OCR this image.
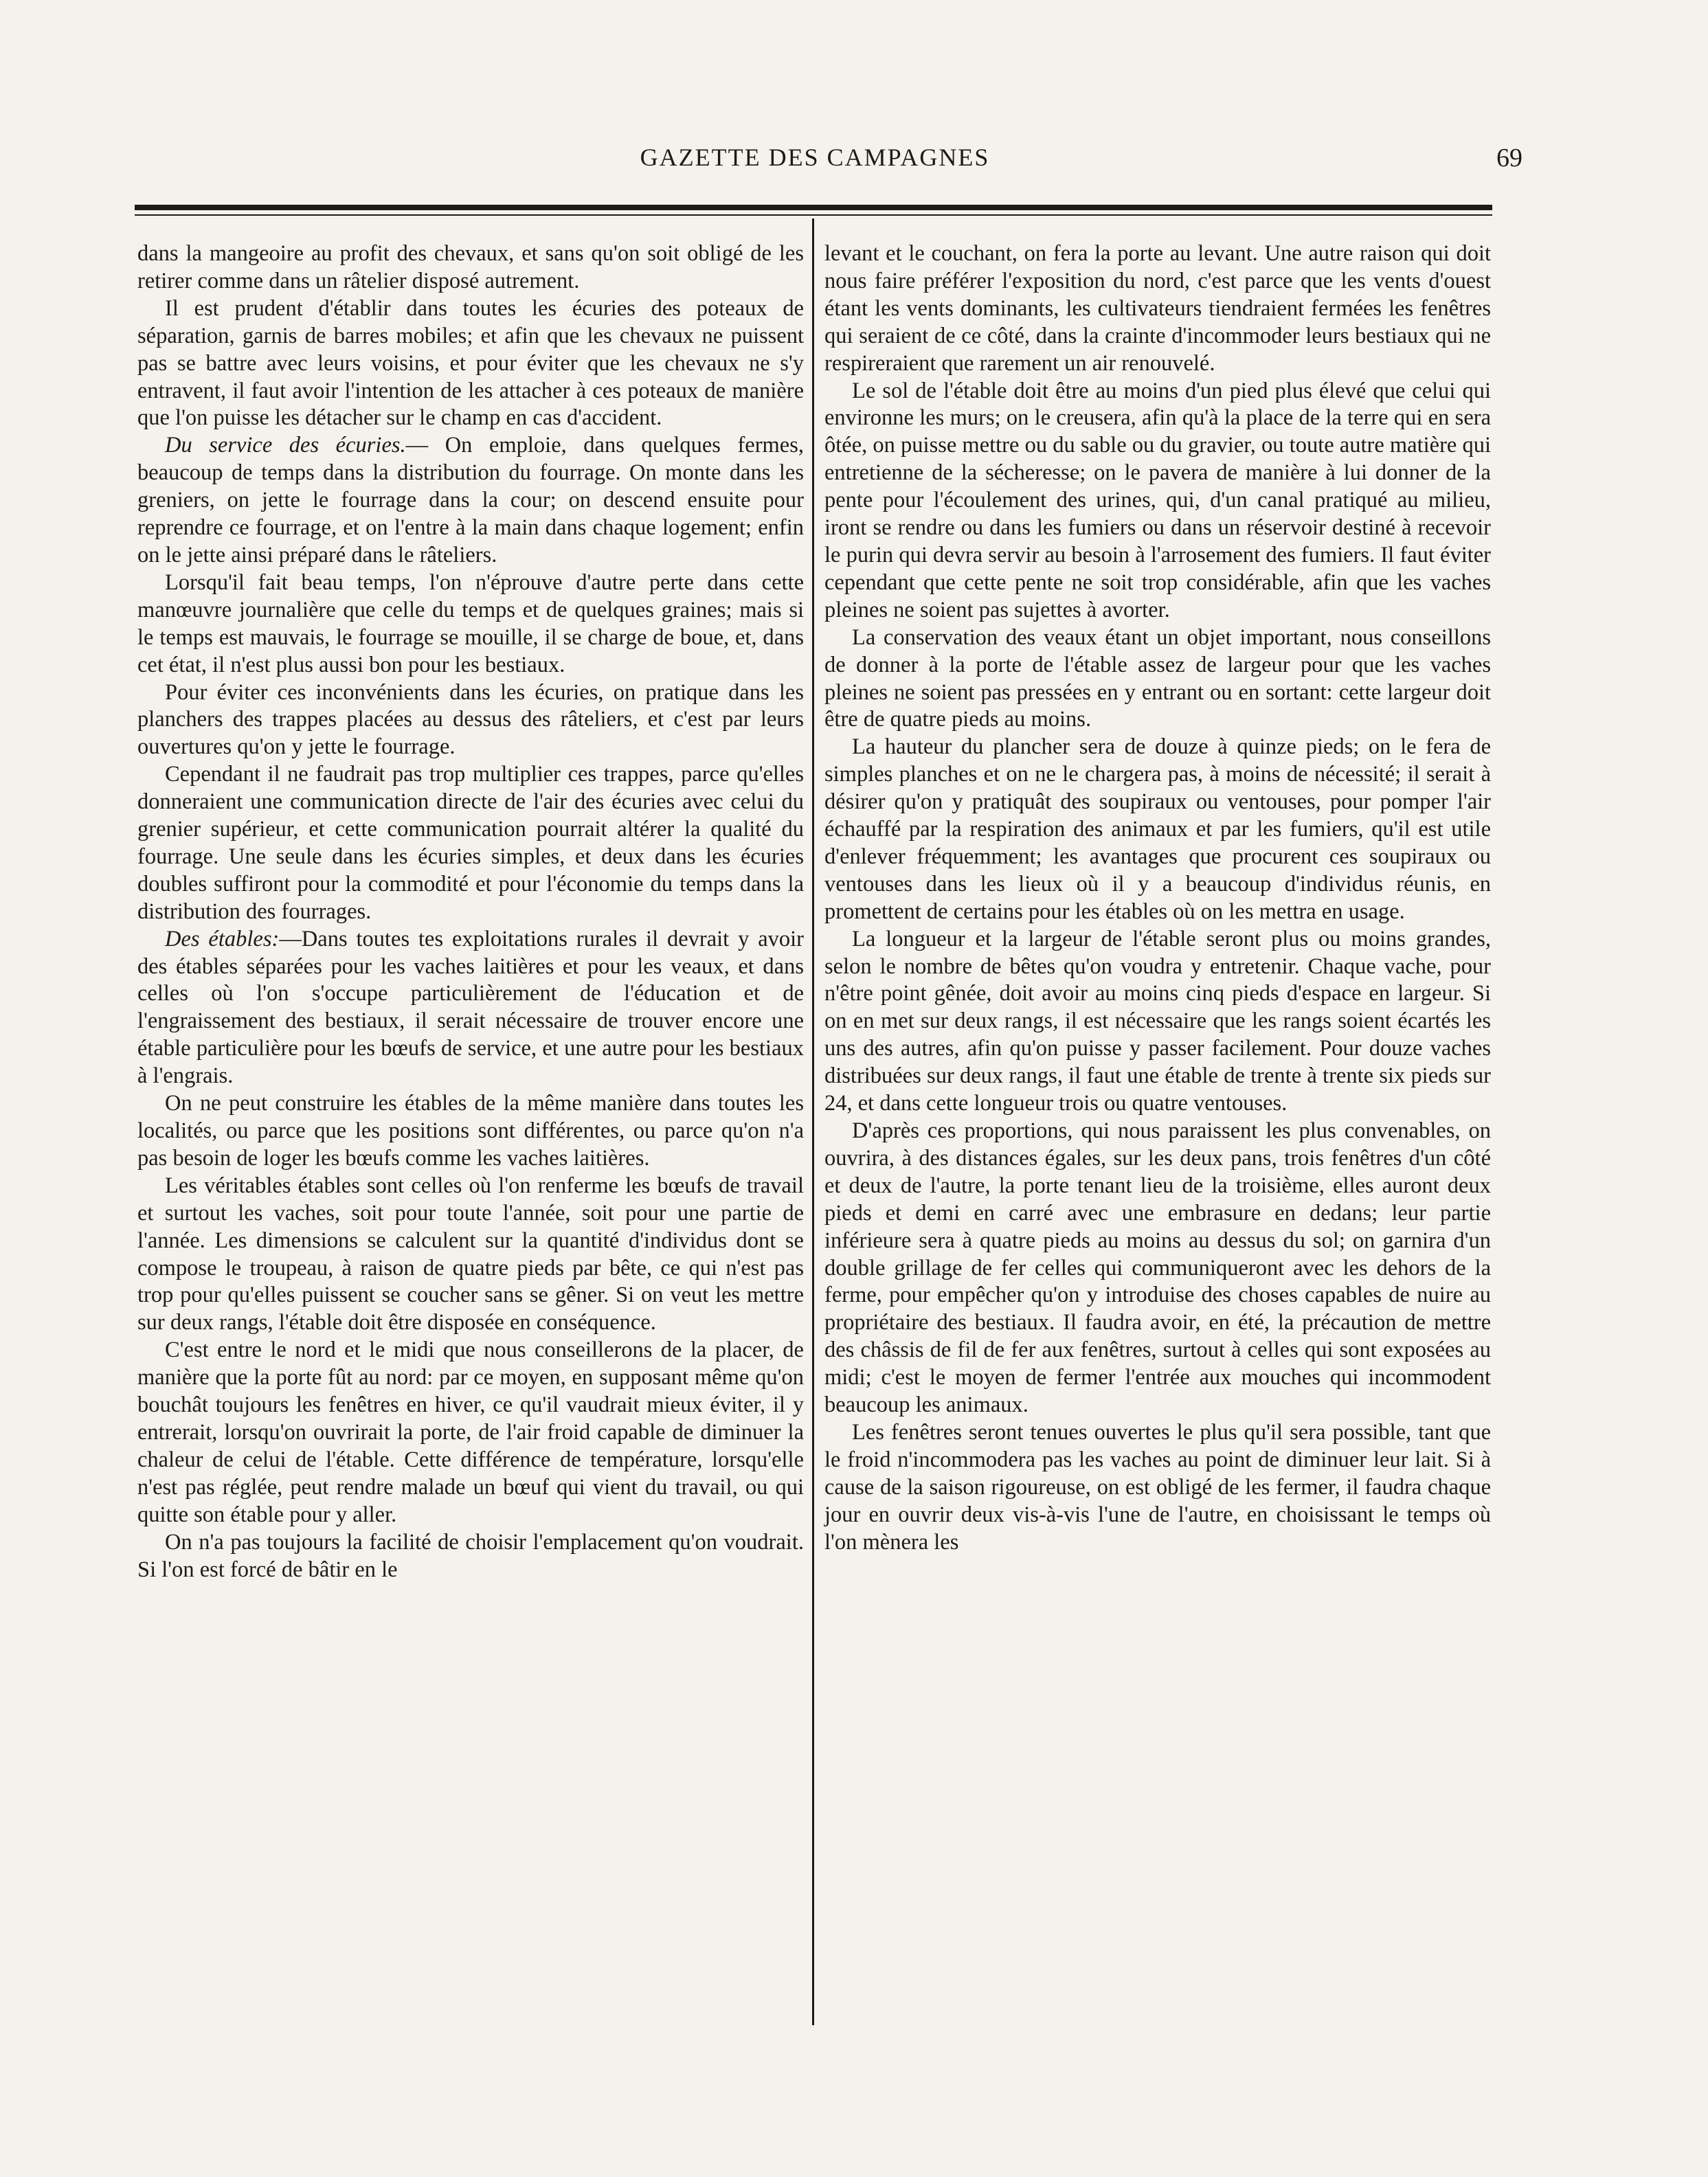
GAZETTE DES CAMPAGNES	69

dans la mangeoire au profit des chevaux, et sans qu'on soit obligé de les retirer comme dans un râtelier disposé autrement.

Il est prudent d'établir dans toutes les écuries des poteaux de séparation, garnis de barres mobiles; et afin que les chevaux ne puissent pas se battre avec leurs voisins, et pour éviter que les chevaux ne s'y entravent, il faut avoir l'intention de les attacher à ces poteaux de manière que l'on puisse les détacher sur le champ en cas d'accident.

Du service des écuries.— On emploie, dans quelques fermes, beaucoup de temps dans la distribution du fourrage. On monte dans les greniers, on jette le fourrage dans la cour; on descend ensuite pour reprendre ce fourrage, et on l'entre à la main dans chaque logement; enfin on le jette ainsi préparé dans le râteliers.

Lorsqu'il fait beau temps, l'on n'éprouve d'autre perte dans cette manœuvre journalière que celle du temps et de quelques graines; mais si le temps est mauvais, le fourrage se mouille, il se charge de boue, et, dans cet état, il n'est plus aussi bon pour les bestiaux.

Pour éviter ces inconvénients dans les écuries, on pratique dans les planchers des trappes placées au dessus des râteliers, et c'est par leurs ouvertures qu'on y jette le fourrage.

Cependant il ne faudrait pas trop multiplier ces trappes, parce qu'elles donneraient une communication directe de l'air des écuries avec celui du grenier supérieur, et cette communication pourrait altérer la qualité du fourrage. Une seule dans les écuries simples, et deux dans les écuries doubles suffiront pour la commodité et pour l'économie du temps dans la distribution des fourrages.

Des étables:—Dans toutes tes exploitations rurales il devrait y avoir des étables séparées pour les vaches laitières et pour les veaux, et dans celles où l'on s'occupe particulièrement de l'éducation et de l'engraissement des bestiaux, il serait nécessaire de trouver encore une étable particulière pour les bœufs de service, et une autre pour les bestiaux à l'engrais.

On ne peut construire les étables de la même manière dans toutes les localités, ou parce que les positions sont différentes, ou parce qu'on n'a pas besoin de loger les bœufs comme les vaches laitières.

Les véritables étables sont celles où l'on renferme les bœufs de travail et surtout les vaches, soit pour toute l'année, soit pour une partie de l'année. Les dimensions se calculent sur la quantité d'individus dont se compose le troupeau, à raison de quatre pieds par bête, ce qui n'est pas trop pour qu'elles puissent se coucher sans se gêner. Si on veut les mettre sur deux rangs, l'étable doit être disposée en conséquence.

C'est entre le nord et le midi que nous conseillerons de la placer, de manière que la porte fût au nord: par ce moyen, en supposant même qu'on bouchât toujours les fenêtres en hiver, ce qu'il vaudrait mieux éviter, il y entrerait, lorsqu'on ouvrirait la porte, de l'air froid capable de diminuer la chaleur de celui de l'étable. Cette différence de température, lorsqu'elle n'est pas réglée, peut rendre malade un bœuf qui vient du travail, ou qui quitte son étable pour y aller.

On n'a pas toujours la facilité de choisir l'emplacement qu'on voudrait. Si l'on est forcé de bâtir en le

levant et le couchant, on fera la porte au levant. Une autre raison qui doit nous faire préférer l'exposition du nord, c'est parce que les vents d'ouest étant les vents dominants, les cultivateurs tiendraient fermées les fenêtres qui seraient de ce côté, dans la crainte d'incommoder leurs bestiaux qui ne respireraient que rarement un air renouvelé.

Le sol de l'étable doit être au moins d'un pied plus élevé que celui qui environne les murs; on le creusera, afin qu'à la place de la terre qui en sera ôtée, on puisse mettre ou du sable ou du gravier, ou toute autre matière qui entretienne de la sécheresse; on le pavera de manière à lui donner de la pente pour l'écoulement des urines, qui, d'un canal pratiqué au milieu, iront se rendre ou dans les fumiers ou dans un réservoir destiné à recevoir le purin qui devra servir au besoin à l'arrosement des fumiers. Il faut éviter cependant que cette pente ne soit trop considérable, afin que les vaches pleines ne soient pas sujettes à avorter.

La conservation des veaux étant un objet important, nous conseillons de donner à la porte de l'étable assez de largeur pour que les vaches pleines ne soient pas pressées en y entrant ou en sortant: cette largeur doit être de quatre pieds au moins.

La hauteur du plancher sera de douze à quinze pieds; on le fera de simples planches et on ne le chargera pas, à moins de nécessité; il serait à désirer qu'on y pratiquât des soupiraux ou ventouses, pour pomper l'air échauffé par la respiration des animaux et par les fumiers, qu'il est utile d'enlever fréquemment; les avantages que procurent ces soupiraux ou ventouses dans les lieux où il y a beaucoup d'individus réunis, en promettent de certains pour les étables où on les mettra en usage.

La longueur et la largeur de l'étable seront plus ou moins grandes, selon le nombre de bêtes qu'on voudra y entretenir. Chaque vache, pour n'être point gênée, doit avoir au moins cinq pieds d'espace en largeur. Si on en met sur deux rangs, il est nécessaire que les rangs soient écartés les uns des autres, afin qu'on puisse y passer facilement. Pour douze vaches distribuées sur deux rangs, il faut une étable de trente à trente six pieds sur 24, et dans cette longueur trois ou quatre ventouses.

D'après ces proportions, qui nous paraissent les plus convenables, on ouvrira, à des distances égales, sur les deux pans, trois fenêtres d'un côté et deux de l'autre, la porte tenant lieu de la troisième, elles auront deux pieds et demi en carré avec une embrasure en dedans; leur partie inférieure sera à quatre pieds au moins au dessus du sol; on garnira d'un double grillage de fer celles qui communiqueront avec les dehors de la ferme, pour empêcher qu'on y introduise des choses capables de nuire au propriétaire des bestiaux. Il faudra avoir, en été, la précaution de mettre des châssis de fil de fer aux fenêtres, surtout à celles qui sont exposées au midi; c'est le moyen de fermer l'entrée aux mouches qui incommodent beaucoup les animaux.

Les fenêtres seront tenues ouvertes le plus qu'il sera possible, tant que le froid n'incommodera pas les vaches au point de diminuer leur lait. Si à cause de la saison rigoureuse, on est obligé de les fermer, il faudra chaque jour en ouvrir deux vis-à-vis l'une de l'autre, en choisissant le temps où l'on mènera les
